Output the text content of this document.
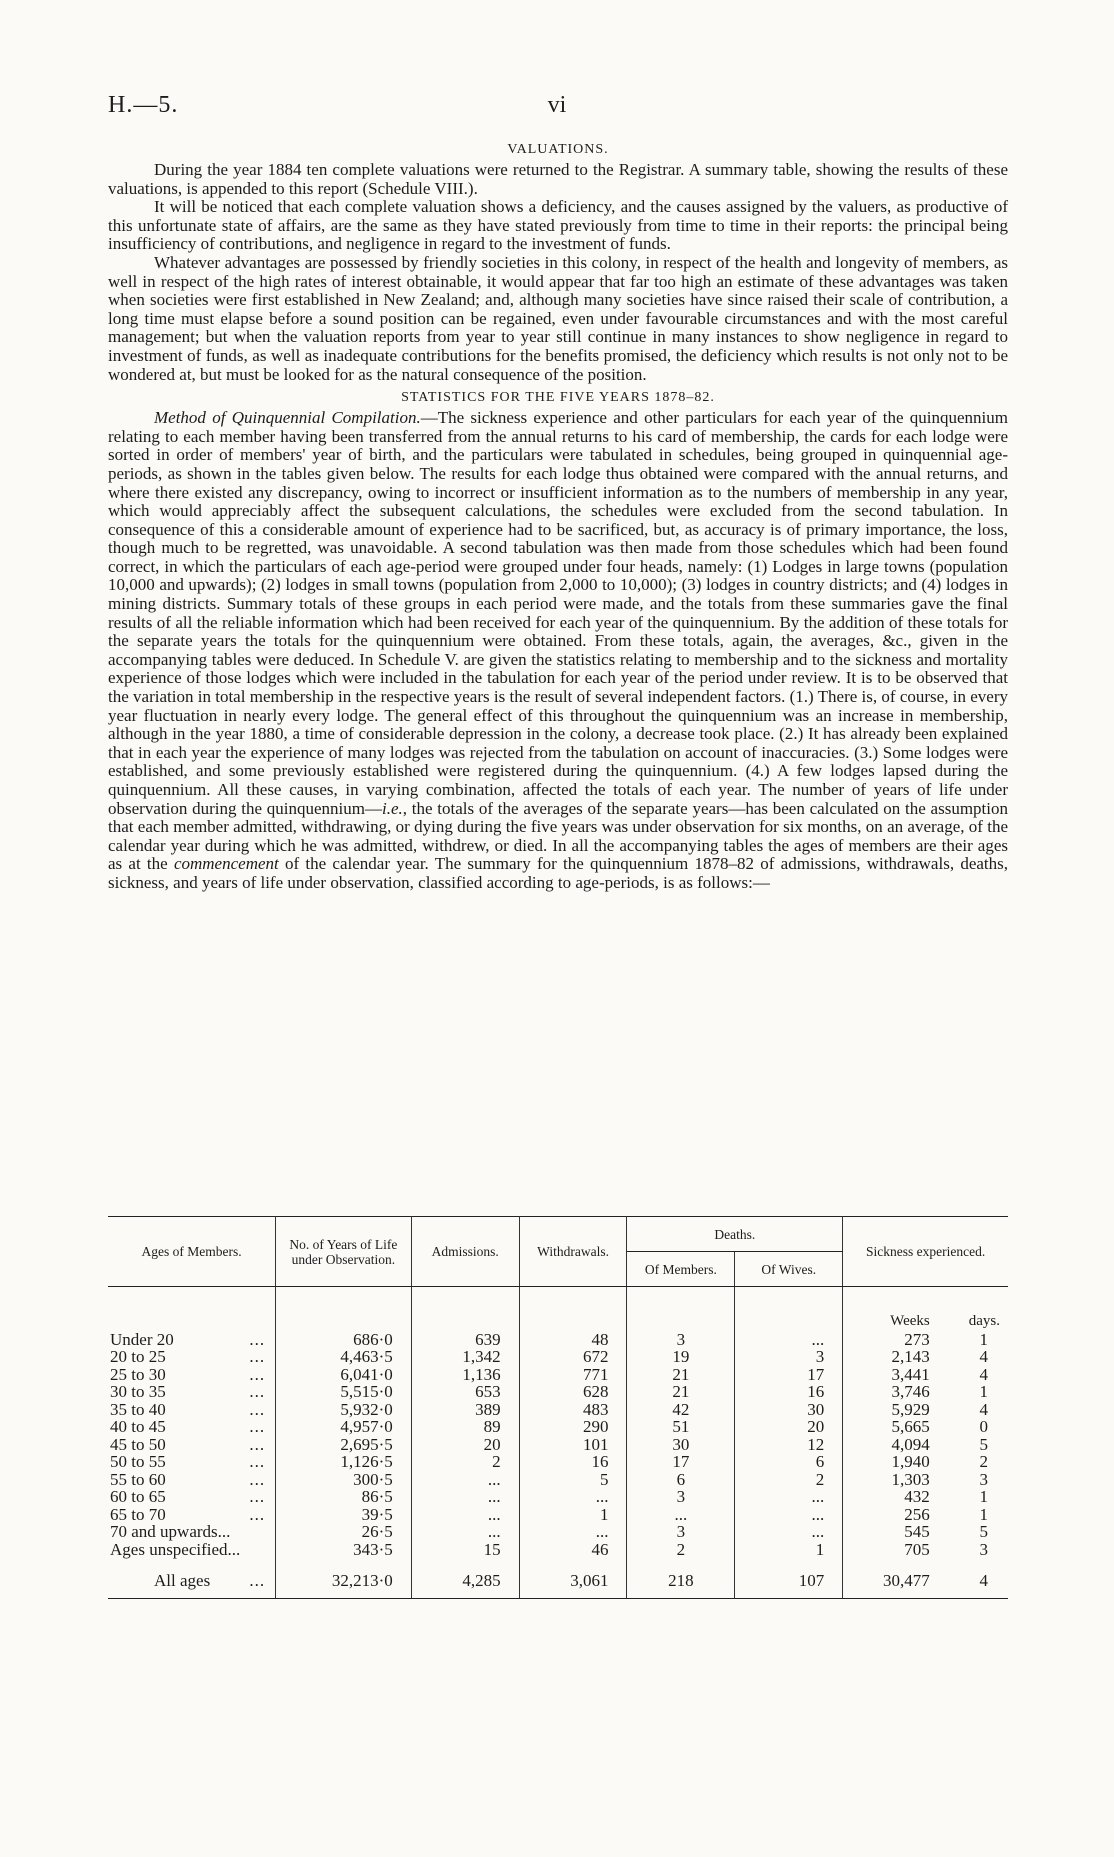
H.—5.	vi
VALUATIONS.

During the year 1884 ten complete valuations were returned to the Registrar. A summary table, showing the results of these valuations, is appended to this report (Schedule VIII.).

It will be noticed that each complete valuation shows a deficiency, and the causes assigned by the valuers, as productive of this unfortunate state of affairs, are the same as they have stated previously from time to time in their reports: the principal being insufficiency of contributions, and negligence in regard to the investment of funds.

Whatever advantages are possessed by friendly societies in this colony, in respect of the health and longevity of members, as well in respect of the high rates of interest obtainable, it would appear that far too high an estimate of these advantages was taken when societies were first established in New Zealand; and, although many societies have since raised their scale of contribution, a long time must elapse before a sound position can be regained, even under favourable circumstances and with the most careful management; but when the valuation reports from year to year still continue in many instances to show negligence in regard to investment of funds, as well as inadequate contributions for the benefits promised, the deficiency which results is not only not to be wondered at, but must be looked for as the natural consequence of the position.

STATISTICS FOR THE FIVE YEARS 1878–82.

Method of Quinquennial Compilation.—The sickness experience and other particulars for each year of the quinquennium relating to each member having been transferred from the annual returns to his card of membership, the cards for each lodge were sorted in order of members' year of birth, and the particulars were tabulated in schedules, being grouped in quinquennial age-periods, as shown in the tables given below. The results for each lodge thus obtained were compared with the annual returns, and where there existed any discrepancy, owing to incorrect or insufficient information as to the numbers of membership in any year, which would appreciably affect the subsequent calculations, the schedules were excluded from the second tabulation. In consequence of this a considerable amount of experience had to be sacrificed, but, as accuracy is of primary importance, the loss, though much to be regretted, was unavoidable. A second tabulation was then made from those schedules which had been found correct, in which the particulars of each age-period were grouped under four heads, namely: (1) Lodges in large towns (population 10,000 and upwards); (2) lodges in small towns (population from 2,000 to 10,000); (3) lodges in country districts; and (4) lodges in mining districts. Summary totals of these groups in each period were made, and the totals from these summaries gave the final results of all the reliable information which had been received for each year of the quinquennium. By the addition of these totals for the separate years the totals for the quinquennium were obtained. From these totals, again, the averages, &c., given in the accompanying tables were deduced. In Schedule V. are given the statistics relating to membership and to the sickness and mortality experience of those lodges which were included in the tabulation for each year of the period under review. It is to be observed that the variation in total membership in the respective years is the result of several independent factors. (1.) There is, of course, in every year fluctuation in nearly every lodge. The general effect of this throughout the quinquennium was an increase in membership, although in the year 1880, a time of considerable depression in the colony, a decrease took place. (2.) It has already been explained that in each year the experience of many lodges was rejected from the tabulation on account of inaccuracies. (3.) Some lodges were established, and some previously established were registered during the quinquennium. (4.) A few lodges lapsed during the quinquennium. All these causes, in varying combination, affected the totals of each year. The number of years of life under observation during the quinquennium—i.e., the totals of the averages of the separate years—has been calculated on the assumption that each member admitted, withdrawing, or dying during the five years was under observation for six months, on an average, of the calendar year during which he was admitted, withdrew, or died. In all the accompanying tables the ages of members are their ages as at the commencement of the calendar year. The summary for the quinquennium 1878–82 of admissions, withdrawals, deaths, sickness, and years of life under observation, classified according to age-periods, is as follows:—

Ages of Members.	No. of Years of Life under Observation.	Admissions.	Withdrawals.	Deaths.		Sickness experienced.	
				Of Members.	Of Wives.		
						Weeks	days.
Under 20 ...	686·0	639	48	3	...	273	1
20 to 25 ...	4,463·5	1,342	672	19	3	2,143	4
25 to 30 ...	6,041·0	1,136	771	21	17	3,441	4
30 to 35 ...	5,515·0	653	628	21	16	3,746	1
35 to 40 ...	5,932·0	389	483	42	30	5,929	4
40 to 45 ...	4,957·0	89	290	51	20	5,665	0
45 to 50 ...	2,695·5	20	101	30	12	4,094	5
50 to 55 ...	1,126·5	2	16	17	6	1,940	2
55 to 60 ...	300·5	...	5	6	2	1,303	3
60 to 65 ...	86·5	...	...	3	...	432	1
65 to 70 ...	39·5	...	1	...	...	256	1
70 and upwards...	26·5	...	...	3	...	545	5
Ages unspecified...	343·5	15	46	2	1	705	3
All ages ...	32,213·0	4,285	3,061	218	107	30,477	4
